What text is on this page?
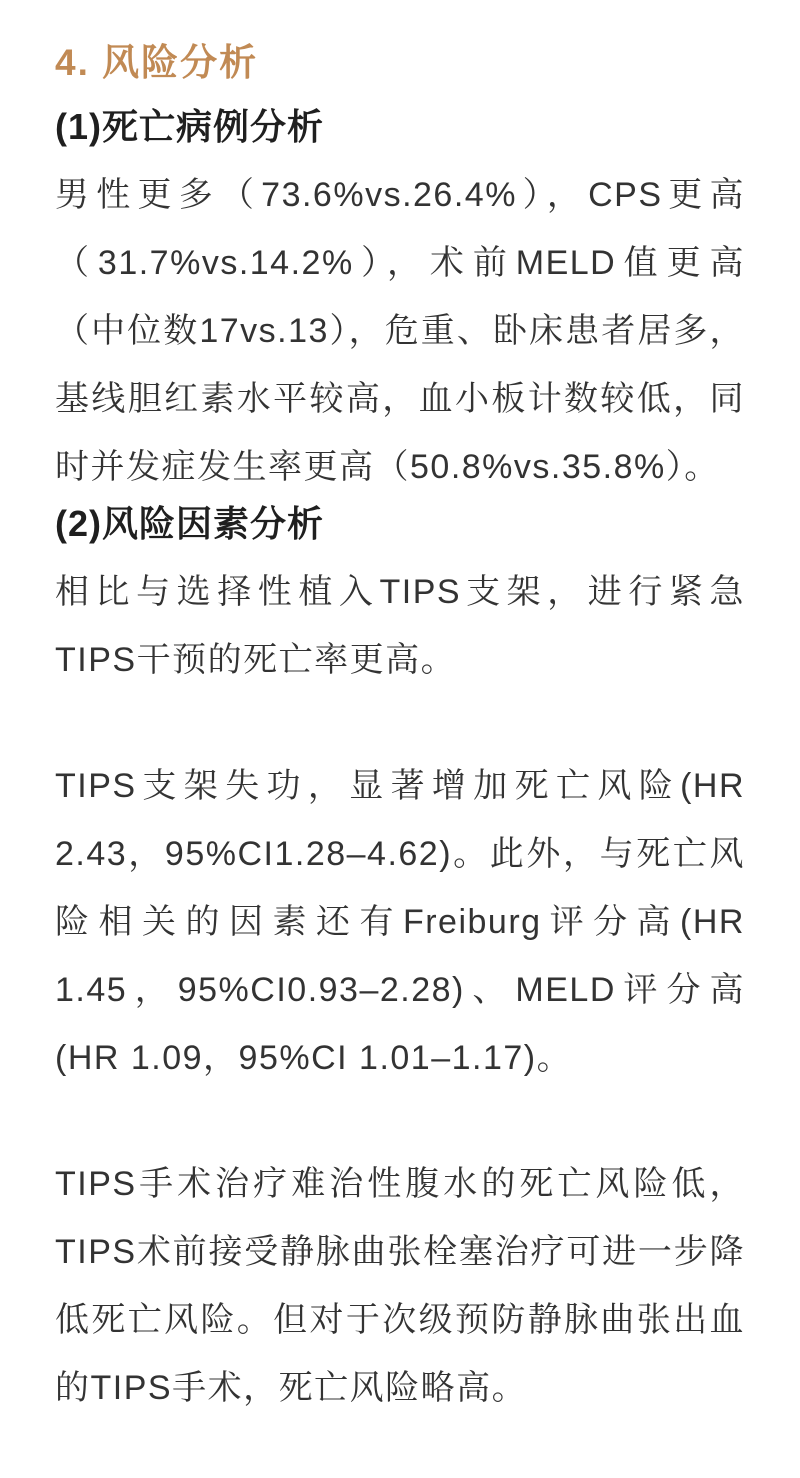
4. 风险分析
(1)死亡病例分析

男性更多（73.6%vs.26.4%），CPS更高（31.7%vs.14.2%），术前MELD值更高（中位数17vs.13），危重、卧床患者居多，基线胆红素水平较高，血小板计数较低，同时并发症发生率更高（50.8%vs.35.8%）。

(2)风险因素分析

相比与选择性植入TIPS支架，进行紧急TIPS干预的死亡率更高。

TIPS支架失功，显著增加死亡风险(HR 2.43，95%CI1.28–4.62)。此外，与死亡风险相关的因素还有Freiburg评分高(HR 1.45，95%CI0.93–2.28)、MELD评分高(HR 1.09，95%CI 1.01–1.17)。

TIPS手术治疗难治性腹水的死亡风险低，TIPS术前接受静脉曲张栓塞治疗可进一步降低死亡风险。但对于次级预防静脉曲张出血的TIPS手术，死亡风险略高。
